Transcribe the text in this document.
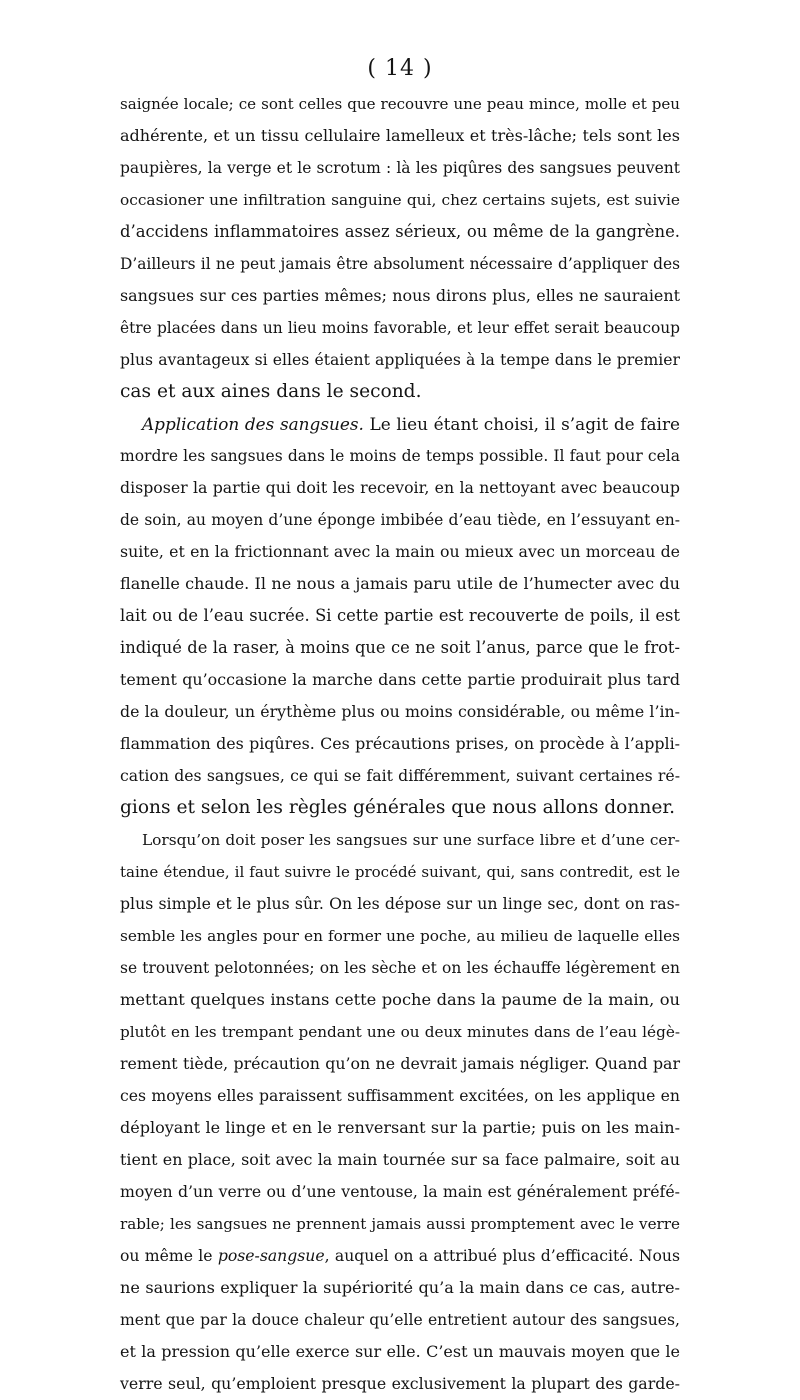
( 14 )
saignée locale; ce sont celles que recouvre une peau mince, molle et peu
adhérente, et un tissu cellulaire lamelleux et très-lâche; tels sont les
paupières, la verge et le scrotum : là les piqûres des sangsues peuvent
occasioner une infiltration sanguine qui, chez certains sujets, est suivie
d’accidens inflammatoires assez sérieux, ou même de la gangrène.
D’ailleurs il ne peut jamais être absolument nécessaire d’appliquer des
sangsues sur ces parties mêmes; nous dirons plus, elles ne sauraient
être placées dans un lieu moins favorable, et leur effet serait beaucoup
plus avantageux si elles étaient appliquées à la tempe dans le premier
cas et aux aines dans le second.
Application des sangsues. Le lieu étant choisi, il s’agit de faire
mordre les sangsues dans le moins de temps possible. Il faut pour cela
disposer la partie qui doit les recevoir, en la nettoyant avec beaucoup
de soin, au moyen d’une éponge imbibée d’eau tiède, en l’essuyant en-
suite, et en la frictionnant avec la main ou mieux avec un morceau de
flanelle chaude. Il ne nous a jamais paru utile de l’humecter avec du
lait ou de l’eau sucrée. Si cette partie est recouverte de poils, il est
indiqué de la raser, à moins que ce ne soit l’anus, parce que le frot-
tement qu’occasione la marche dans cette partie produirait plus tard
de la douleur, un érythème plus ou moins considérable, ou même l’in-
flammation des piqûres. Ces précautions prises, on procède à l’appli-
cation des sangsues, ce qui se fait différemment, suivant certaines ré-
gions et selon les règles générales que nous allons donner.
Lorsqu’on doit poser les sangsues sur une surface libre et d’une cer-
taine étendue, il faut suivre le procédé suivant, qui, sans contredit, est le
plus simple et le plus sûr. On les dépose sur un linge sec, dont on ras-
semble les angles pour en former une poche, au milieu de laquelle elles
se trouvent pelotonnées; on les sèche et on les échauffe légèrement en
mettant quelques instans cette poche dans la paume de la main, ou
plutôt en les trempant pendant une ou deux minutes dans de l’eau légè-
rement tiède, précaution qu’on ne devrait jamais négliger. Quand par
ces moyens elles paraissent suffisamment excitées, on les applique en
déployant le linge et en le renversant sur la partie; puis on les main-
tient en place, soit avec la main tournée sur sa face palmaire, soit au
moyen d’un verre ou d’une ventouse, la main est généralement préfé-
rable; les sangsues ne prennent jamais aussi promptement avec le verre
ou même le pose-sangsue, auquel on a attribué plus d’efficacité. Nous
ne saurions expliquer la supériorité qu’a la main dans ce cas, autre-
ment que par la douce chaleur qu’elle entretient autour des sangsues,
et la pression qu’elle exerce sur elle. C’est un mauvais moyen que le
verre seul, qu’emploient presque exclusivement la plupart des garde-
